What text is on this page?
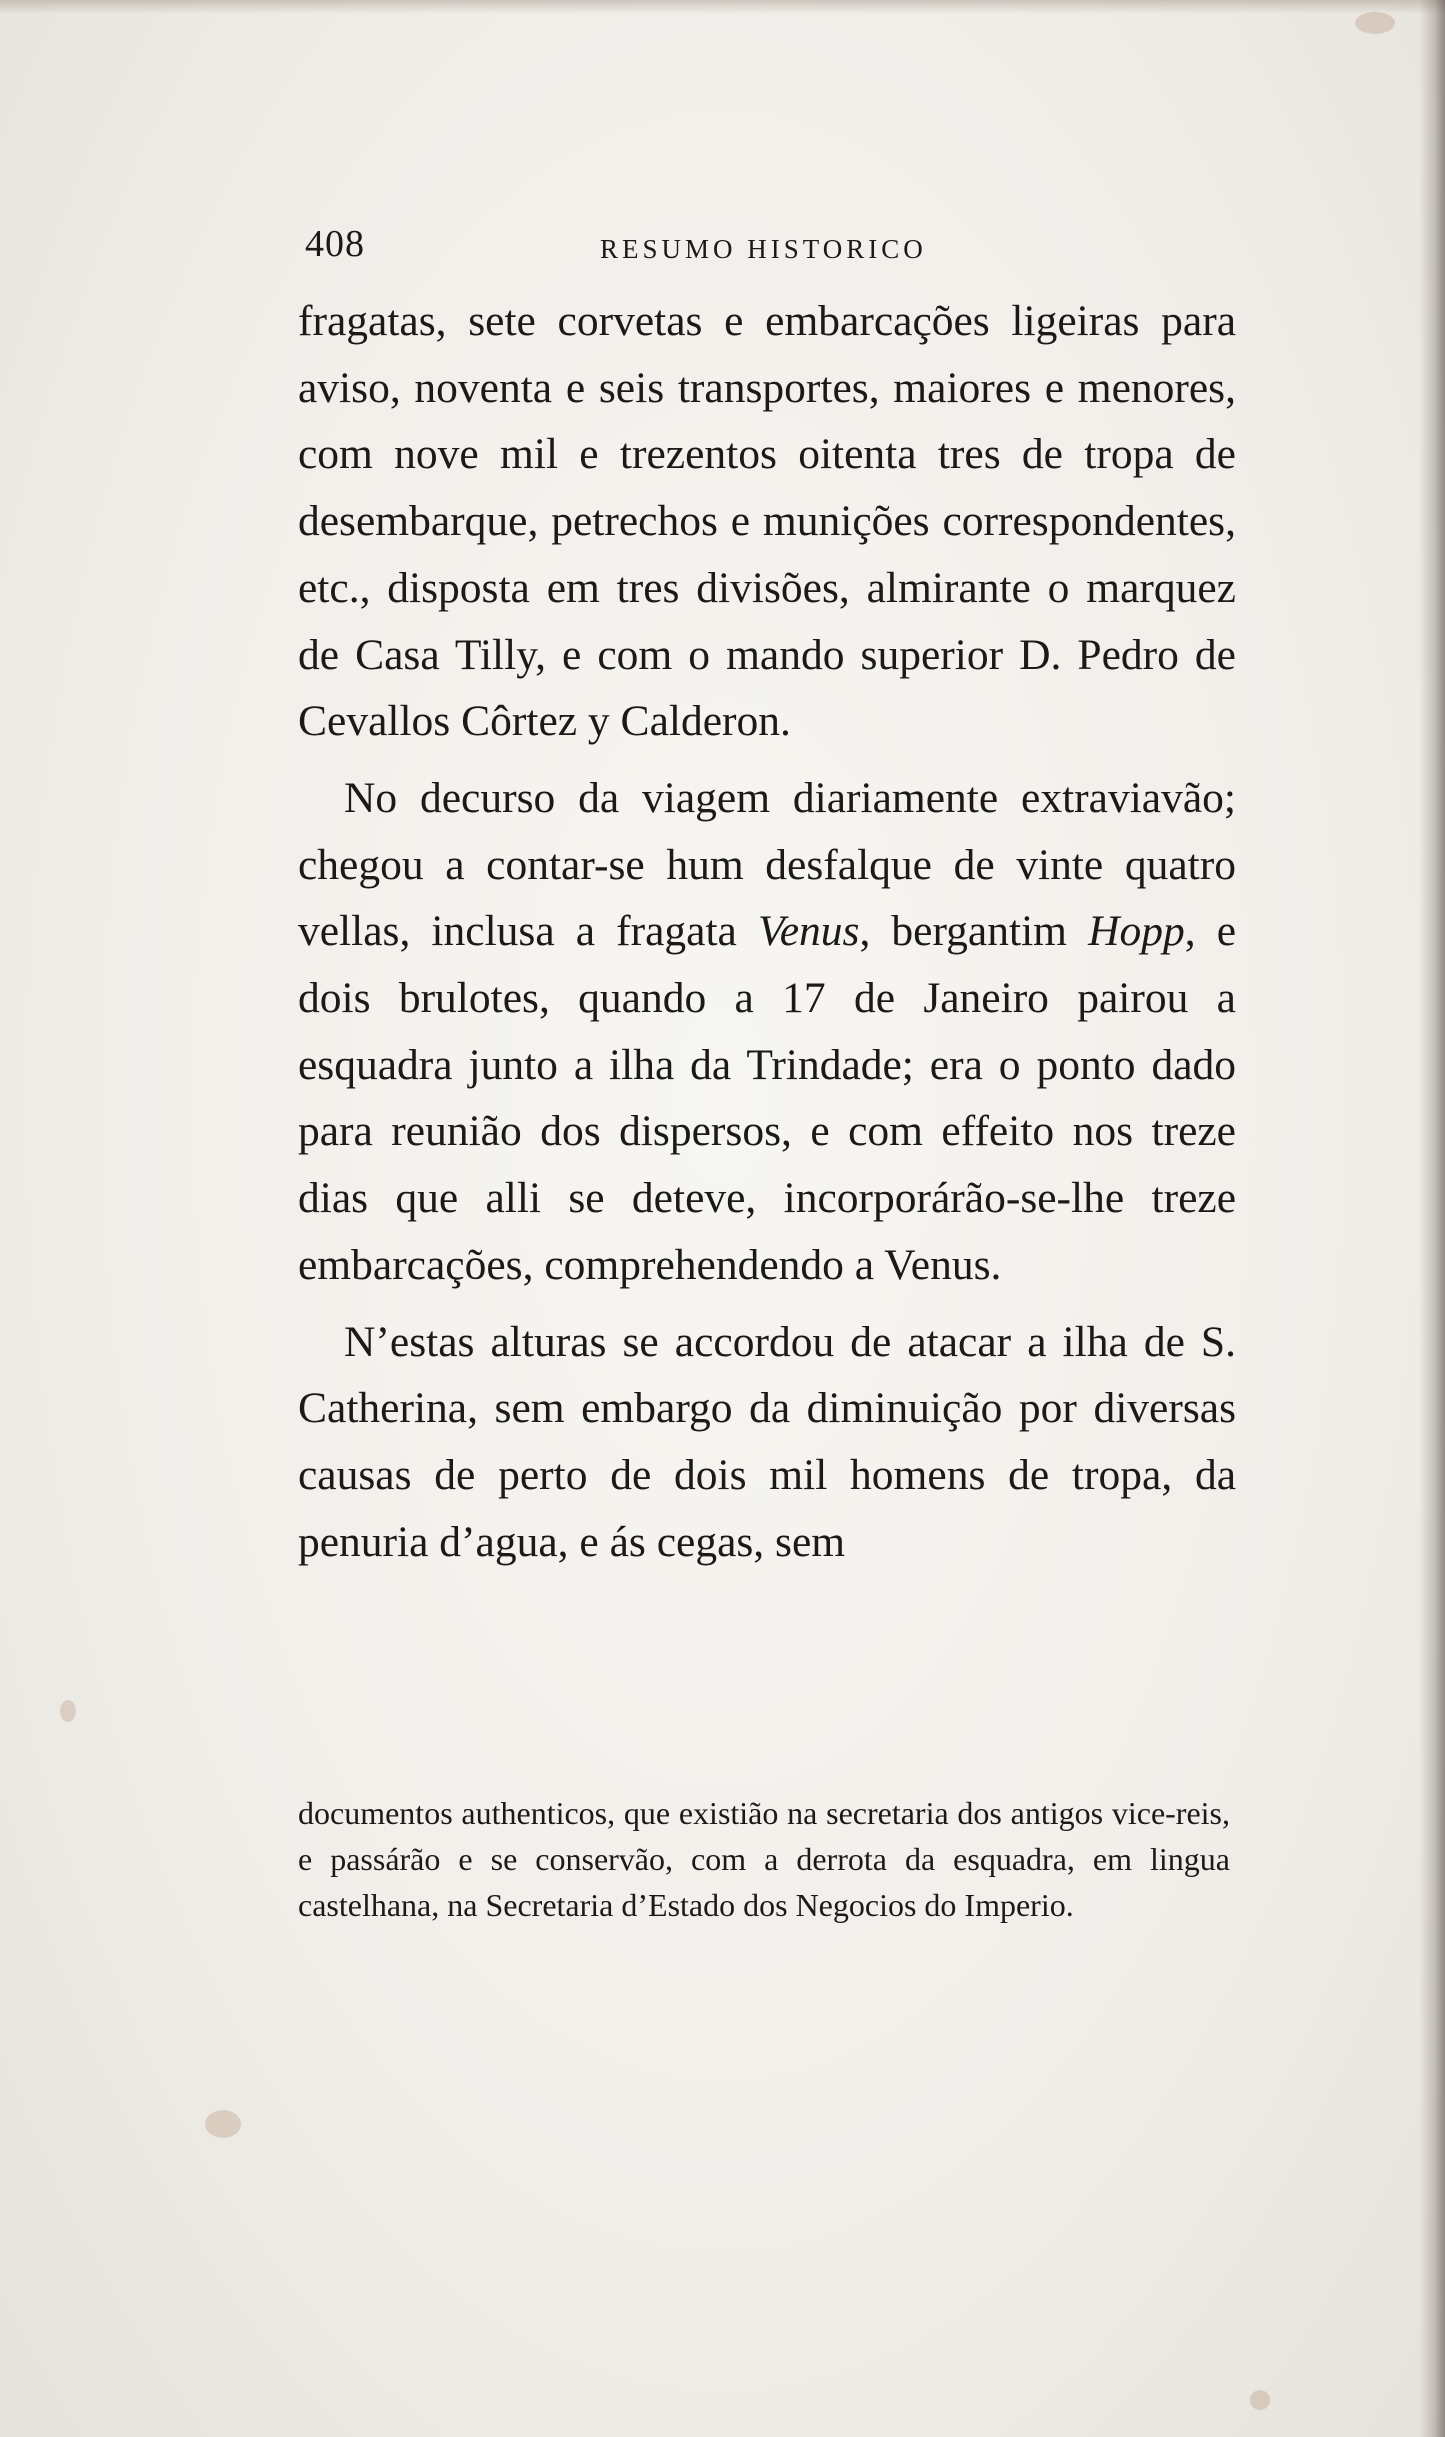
408	RESUMO HISTORICO

fragatas, sete corvetas e embarcações ligeiras para aviso, noventa e seis transportes, maiores e menores, com nove mil e trezentos oitenta tres de tropa de desembarque, petrechos e munições correspondentes, etc., disposta em tres divisões, almirante o marquez de Casa Tilly, e com o mando superior D. Pedro de Cevallos Côrtez y Calderon.

No decurso da viagem diariamente extraviavão; chegou a contar-se hum desfalque de vinte quatro vellas, inclusa a fragata Venus, bergantim Hopp, e dois brulotes, quando a 17 de Janeiro pairou a esquadra junto a ilha da Trindade; era o ponto dado para reunião dos dispersos, e com effeito nos treze dias que alli se deteve, incorporárão-se-lhe treze embarcações, comprehendendo a Venus.

N’estas alturas se accordou de atacar a ilha de S. Catherina, sem embargo da diminuição por diversas causas de perto de dois mil homens de tropa, da penuria d’agua, e ás cegas, sem

documentos authenticos, que existião na secretaria dos antigos vice-reis, e passárão e se conservão, com a derrota da esquadra, em lingua castelhana, na Secretaria d’Estado dos Negocios do Imperio.
